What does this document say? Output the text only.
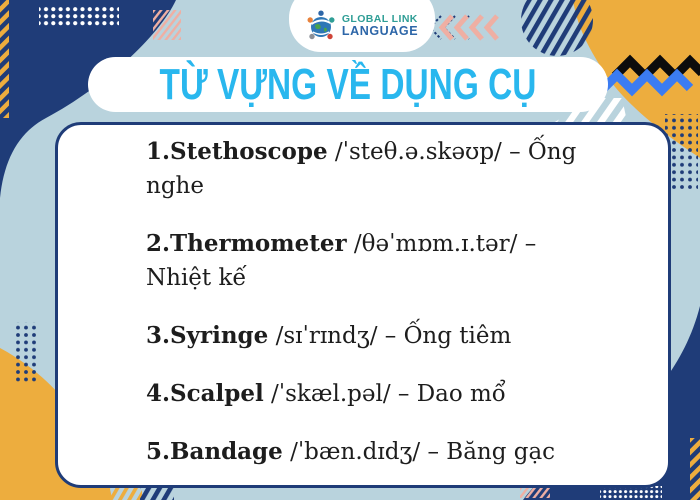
GLOBAL LINK
LANGUAGE
TỪ VỰNG VỀ DỤNG CỤ

1.Stethoscope /ˈsteθ.ə.skəʊp/ – Ống
nghe

2.Thermometer /θəˈmɒm.ɪ.tər/ –
Nhiệt kế

3.Syringe /sɪˈrɪndʒ/ – Ống tiêm

4.Scalpel /ˈskæl.pəl/ – Dao mổ

5.Bandage /ˈbæn.dɪdʒ/ – Băng gạc
